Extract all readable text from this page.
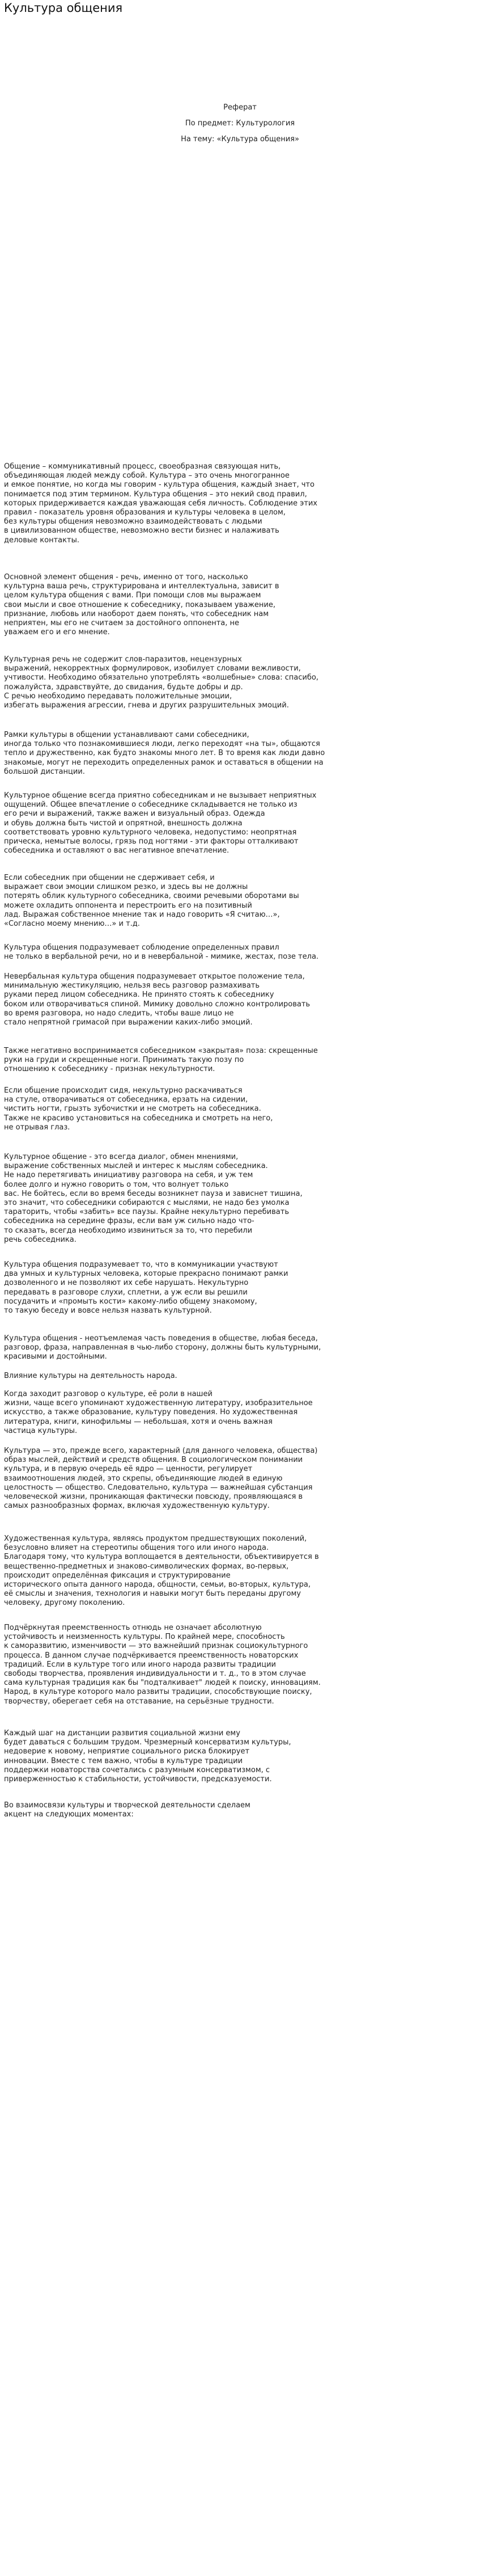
Культура общения
Реферат
По предмет: Культурология
На тему: «Культура общения»

Общение – коммуникативный процесс, своеобразная связующая нить,
объединяющая людей между собой. Культура – это очень многогранное
и емкое понятие, но когда мы говорим - культура общения, каждый знает, что
понимается под этим термином. Культура общения – это некий свод правил,
которых придерживается каждая уважающая себя личность. Соблюдение этих
правил - показатель уровня образования и культуры человека в целом,
без культуры общения невозможно взаимодействовать с людьми
в цивилизованном обществе, невозможно вести бизнес и налаживать
деловые контакты.

Основной элемент общения - речь, именно от того, насколько
культурна ваша речь, структурирована и интеллектуальна, зависит в
целом культура общения с вами. При помощи слов мы выражаем
свои мысли и свое отношение к собеседнику, показываем уважение,
признание, любовь или наоборот даем понять, что собеседник нам
неприятен, мы его не считаем за достойного оппонента, не
уважаем его и его мнение.

Культурная речь не содержит слов-паразитов, нецензурных
выражений, некорректных формулировок, изобилует словами вежливости,
учтивости. Необходимо обязательно употреблять «волшебные» слова: спасибо,
пожалуйста, здравствуйте, до свидания, будьте добры и др.
С речью необходимо передавать положительные эмоции,
избегать выражения агрессии, гнева и других разрушительных эмоций.

Рамки культуры в общении устанавливают сами собеседники,
иногда только что познакомившиеся люди, легко переходят «на ты», общаются
тепло и дружественно, как будто знакомы много лет. В то время как люди давно
знакомые, могут не переходить определенных рамок и оставаться в общении на
большой дистанции.

Культурное общение всегда приятно собеседникам и не вызывает неприятных
ощущений. Общее впечатление о собеседнике складывается не только из
его речи и выражений, также важен и визуальный образ. Одежда
и обувь должна быть чистой и опрятной, внешность должна
соответствовать уровню культурного человека, недопустимо: неопрятная
прическа, немытые волосы, грязь под ногтями - эти факторы отталкивают
собеседника и оставляют о вас негативное впечатление.

Если собеседник при общении не сдерживает себя, и
выражает свои эмоции слишком резко, и здесь вы не должны
потерять облик культурного собеседника, своими речевыми оборотами вы
можете охладить оппонента и перестроить его на позитивный
лад. Выражая собственное мнение так и надо говорить «Я считаю…»,
«Согласно моему мнению…» и т.д.

Культура общения подразумевает соблюдение определенных правил
не только в вербальной речи, но и в невербальной - мимике, жестах, позе тела.

Невербальная культура общения подразумевает открытое положение тела,
минимальную жестикуляцию, нельзя весь разговор размахивать
руками перед лицом собеседника. Не принято стоять к собеседнику
боком или отворачиваться спиной. Мимику довольно сложно контролировать
во время разговора, но надо следить, чтобы ваше лицо не
стало непрятной гримасой при выражении каких-либо эмоций.

Также негативно воспринимается собеседником «закрытая» поза: скрещенные
руки на груди и скрещенные ноги. Принимать такую позу по
отношению к собеседнику - признак некультурности.

Если общение происходит сидя, некультурно раскачиваться
на стуле, отворачиваться от собеседника, ерзать на сидении,
чистить ногти, грызть зубочистки и не смотреть на собеседника.
Также не красиво установиться на собеседника и смотреть на него,
не отрывая глаз.

Культурное общение - это всегда диалог, обмен мнениями,
выражение собственных мыслей и интерес к мыслям собеседника.
Не надо перетягивать инициативу разговора на себя, и уж тем
более долго и нужно говорить о том, что волнует только
вас. Не бойтесь, если во время беседы возникнет пауза и зависнет тишина,
это значит, что собеседники собираются с мыслями, не надо без умолка
тараторить, чтобы «забить» все паузы. Крайне некультурно перебивать
собеседника на середине фразы, если вам уж сильно надо что-
то сказать, всегда необходимо извиниться за то, что перебили
речь собеседника.

Культура общения подразумевает то, что в коммуникации участвуют
два умных и культурных человека, которые прекрасно понимают рамки
дозволенного и не позволяют их себе нарушать. Некультурно
передавать в разговоре слухи, сплетни, а уж если вы решили
посудачить и «промыть кости» какому-либо общему знакомому,
то такую беседу и вовсе нельзя назвать культурной.

Культура общения - неотъемлемая часть поведения в обществе, любая беседа,
разговор, фраза, направленная в чью-либо сторону, должны быть культурными,
красивыми и достойными.

Влияние культуры на деятельность народа.

Когда заходит разговор о культуре, её роли в нашей
жизни, чаще всего упоминают художественную литературу, изобразительное
искусство, а также образование, культуру поведения. Но художественная
литература, книги, кинофильмы — небольшая, хотя и очень важная
частица культуры.

Культура — это, прежде всего, характерный (для данного человека, общества)
образ мыслей, действий и средств общения. В социологическом понимании
культура, и в первую очередь её ядро — ценности, регулирует
взаимоотношения людей, это скрепы, объединяющие людей в единую
целостность — общество. Следовательно, культура — важнейшая субстанция
человеческой жизни, проникающая фактически повсюду, проявляющаяся в
самых разнообразных формах, включая художественную культуру.

Художественная культура, являясь продуктом предшествующих поколений,
безусловно влияет на стереотипы общения того или иного народа.
Благодаря тому, что культура воплощается в деятельности, объективируется в
вещественно-предметных и знаково-символических формах, во-первых,
происходит определённая фиксация и структурирование
исторического опыта данного народа, общности, семьи, во-вторых, культура,
её смыслы и значения, технология и навыки могут быть переданы другому
человеку, другому поколению.

Подчёркнутая преемственность отнюдь не означает абсолютную
устойчивость и неизменность культуры. По крайней мере, способность
к саморазвитию, изменчивости — это важнейший признак социокультурного
процесса. В данном случае подчёркивается преемственность новаторских
традиций. Если в культуре того или иного народа развиты традиции
свободы творчества, проявления индивидуальности и т. д., то в этом случае
сама культурная традиция как бы "подталкивает" людей к поиску, инновациям.
Народ, в культуре которого мало развиты традиции, способствующие поиску,
творчеству, оберегает себя на отставание, на серьёзные трудности.

Каждый шаг на дистанции развития социальной жизни ему
будет даваться с большим трудом. Чрезмерный консерватизм культуры,
недоверие к новому, неприятие социального риска блокирует
инновации. Вместе с тем важно, чтобы в культуре традиции
поддержки новаторства сочетались с разумным консерватизмом, с
приверженностью к стабильности, устойчивости, предсказуемости.

Во взаимосвязи культуры и творческой деятельности сделаем
акцент на следующих моментах:
